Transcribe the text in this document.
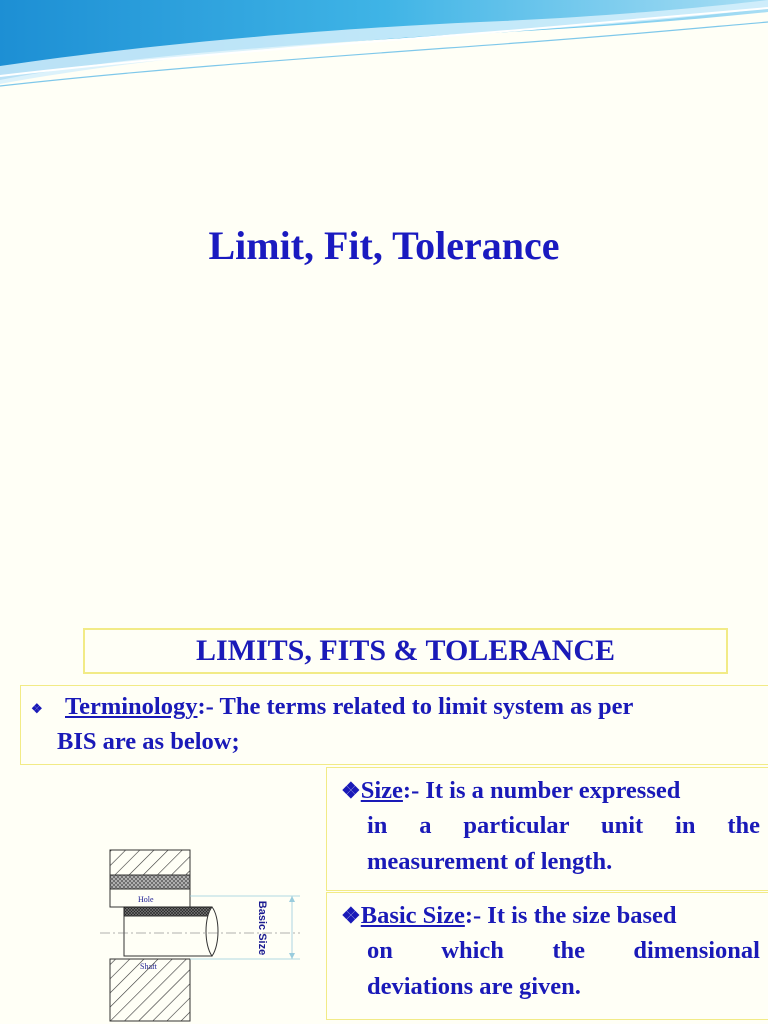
Limit, Fit, Tolerance
LIMITS, FITS & TOLERANCE
❖ Terminology:- The terms related to limit system as per
BIS are as below;
❖Size:- It is a number expressed
in a particular unit in the
measurement of length.
❖Basic Size:- It is the size based
on which the dimensional
deviations are given.
Hole
Basic Size
